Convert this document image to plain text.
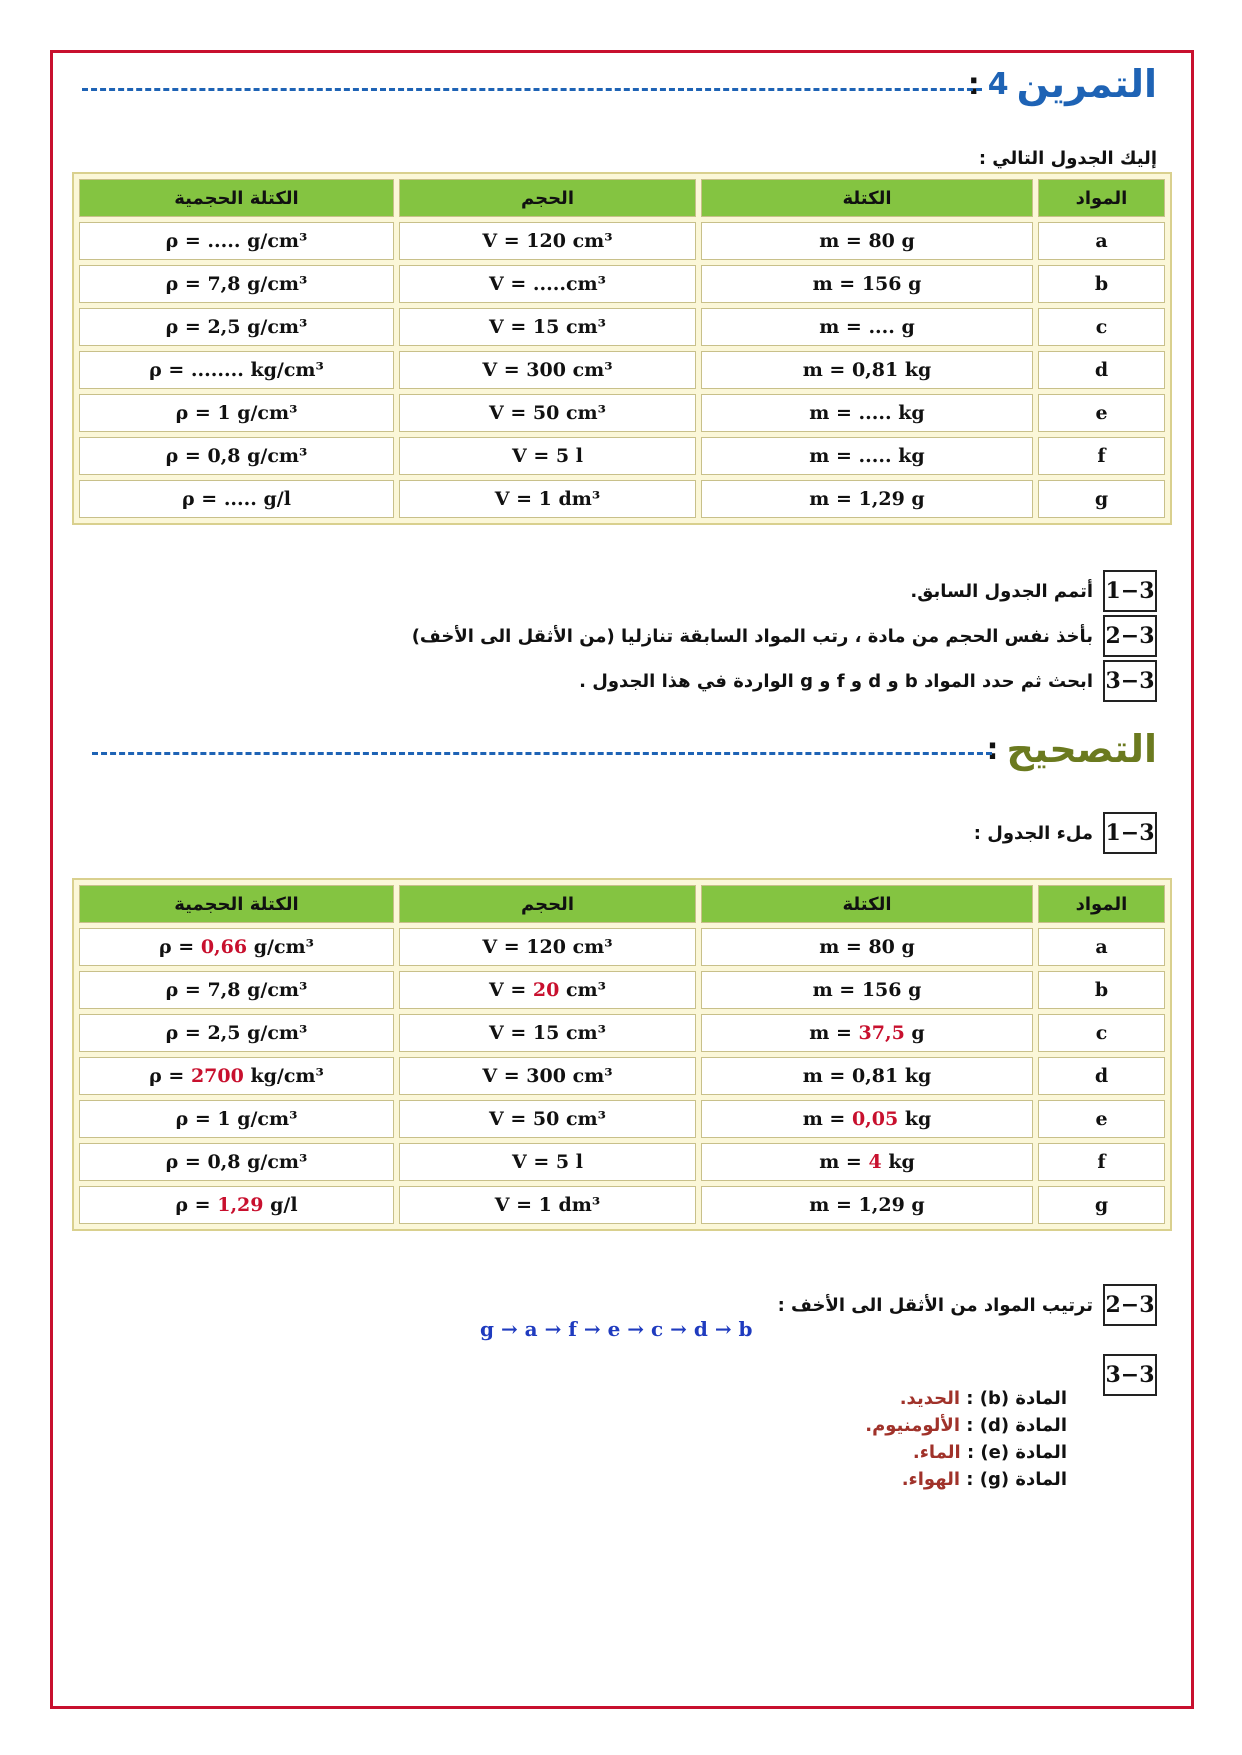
التمرين
4
:
إليك الجدول التالي :
المواد	الكتلة	الحجم	الكتلة الحجمية
a	m = 80 g	V = 120 cm³	ρ = ..... g/cm³
b	m = 156 g	V = .....cm³	ρ = 7,8 g/cm³
c	m = .... g	V = 15 cm³	ρ = 2,5 g/cm³
d	m = 0,81 kg	V = 300 cm³	ρ = ........ kg/cm³
e	m = ..... kg	V = 50 cm³	ρ = 1 g/cm³
f	m = ..... kg	V = 5 l	ρ = 0,8 g/cm³
g	m = 1,29 g	V = 1 dm³	ρ = ..... g/l
1−3
أتمم الجدول السابق.
2−3
بأخذ نفس الحجم من مادة ، رتب المواد السابقة تنازليا (من الأثقل الى الأخف)
3−3
ابحث ثم حدد المواد b و d و f و g الواردة في هذا الجدول .
التصحيح
:
1−3
ملء الجدول :
المواد	الكتلة	الحجم	الكتلة الحجمية
a	m = 80 g	V = 120 cm³	ρ = 0,66 g/cm³
b	m = 156 g	V = 20 cm³	ρ = 7,8 g/cm³
c	m = 37,5 g	V = 15 cm³	ρ = 2,5 g/cm³
d	m = 0,81 kg	V = 300 cm³	ρ = 2700 kg/cm³
e	m = 0,05 kg	V = 50 cm³	ρ = 1 g/cm³
f	m = 4 kg	V = 5 l	ρ = 0,8 g/cm³
g	m = 1,29 g	V = 1 dm³	ρ = 1,29 g/l
2−3
ترتيب المواد من الأثقل الى الأخف :
g → a → f → e → c → d → b
3−3
المادة (b) : الحديد.
المادة (d) : الألومنيوم.
المادة (e) : الماء.
المادة (g) : الهواء.
